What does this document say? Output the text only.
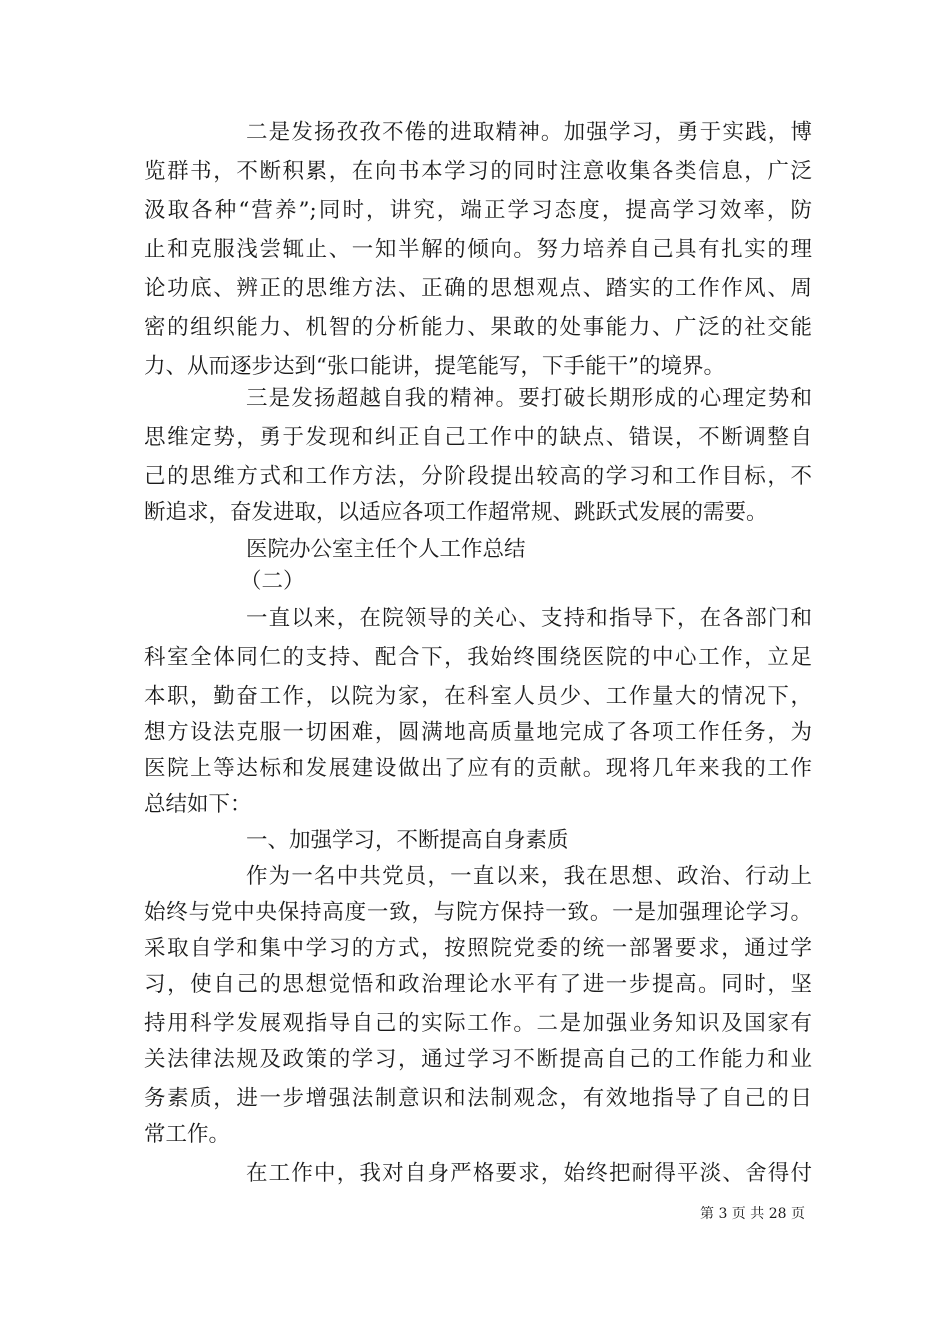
二是发扬孜孜不倦的进取精神。加强学习，勇于实践，博
览群书，不断积累，在向书本学习的同时注意收集各类信息，广泛
汲取各种“营养”;同时，讲究，端正学习态度，提高学习效率，防
止和克服浅尝辄止、一知半解的倾向。努力培养自己具有扎实的理
论功底、辨正的思维方法、正确的思想观点、踏实的工作作风、周
密的组织能力、机智的分析能力、果敢的处事能力、广泛的社交能
力、从而逐步达到“张口能讲，提笔能写，下手能干”的境界。
三是发扬超越自我的精神。要打破长期形成的心理定势和
思维定势，勇于发现和纠正自己工作中的缺点、错误，不断调整自
己的思维方式和工作方法，分阶段提出较高的学习和工作目标，不
断追求，奋发进取，以适应各项工作超常规、跳跃式发展的需要。
医院办公室主任个人工作总结
（二）
一直以来，在院领导的关心、支持和指导下，在各部门和
科室全体同仁的支持、配合下，我始终围绕医院的中心工作，立足
本职，勤奋工作，以院为家，在科室人员少、工作量大的情况下，
想方设法克服一切困难，圆满地高质量地完成了各项工作任务，为
医院上等达标和发展建设做出了应有的贡献。现将几年来我的工作
总结如下：
一、加强学习，不断提高自身素质
作为一名中共党员，一直以来，我在思想、政治、行动上
始终与党中央保持高度一致，与院方保持一致。一是加强理论学习。
采取自学和集中学习的方式，按照院党委的统一部署要求，通过学
习，使自己的思想觉悟和政治理论水平有了进一步提高。同时，坚
持用科学发展观指导自己的实际工作。二是加强业务知识及国家有
关法律法规及政策的学习，通过学习不断提高自己的工作能力和业
务素质，进一步增强法制意识和法制观念，有效地指导了自己的日
常工作。
在工作中，我对自身严格要求，始终把耐得平淡、舍得付
第 3 页 共 28 页
